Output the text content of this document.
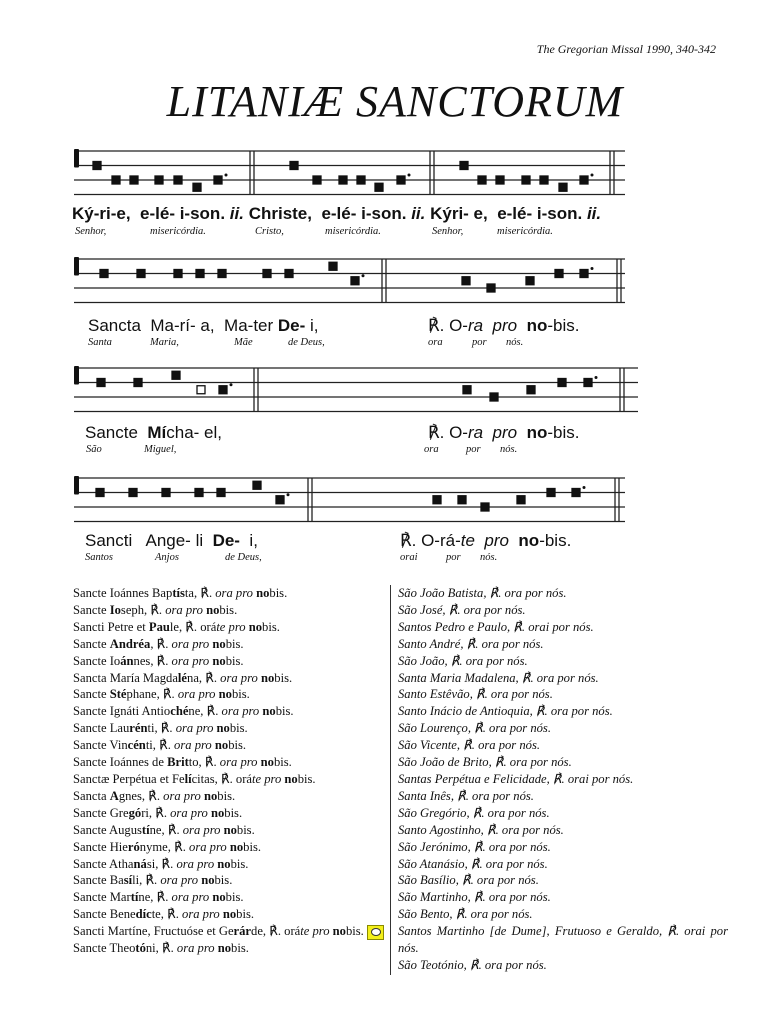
The Gregorian Missal 1990, 340-342
LITANIÆ SANCTORUM
Ký-ri-e, e-lé- i-son. ii. Christe, e-lé- i-son. ii. Kýri- e, e-lé- i-son. ii.
Senhor,	misericórdia.	Cristo,	misericórdia.	Senhor,	misericórdia.
Sancta  Ma-rí- a,  Ma-ter De- i,	℟. O-ra  pro no-bis.
Santa	Maria,	Mãe	de Deus,	ora	por nós.
Sancte  Mícha- el,	℟. O-ra  pro no-bis.
São	Miguel,	ora	por nós.
Sancti   Ange- li  De-  i,	℟. O-rá-te  pro no-bis.
Santos	Anjos	de Deus,	orai	por nós.
Sancte Ioánnes Baptísta, ℟. ora pro nobis.
Sancte Ioseph, ℟. ora pro nobis.
Sancti Petre et Paule, ℟. oráte pro nobis.
Sancte Andréa, ℟. ora pro nobis.
Sancte Ioánnes, ℟. ora pro nobis.
Sancta María Magdaléna, ℟. ora pro nobis.
Sancte Stéphane, ℟. ora pro nobis.
Sancte Ignáti Antiochéne, ℟. ora pro nobis.
Sancte Laurénti, ℟. ora pro nobis.
Sancte Vincénti, ℟. ora pro nobis.
Sancte Ioánnes de Britto, ℟. ora pro nobis.
Sanctæ Perpétua et Felícitas, ℟. oráte pro nobis.
Sancta Agnes, ℟. ora pro nobis.
Sancte Gregóri, ℟. ora pro nobis.
Sancte Augustíne, ℟. ora pro nobis.
Sancte Hierónyme, ℟. ora pro nobis.
Sancte Athanási, ℟. ora pro nobis.
Sancte Basíli, ℟. ora pro nobis.
Sancte Martíne, ℟. ora pro nobis.
Sancte Benedícte, ℟. ora pro nobis.
Sancti Martíne, Fructuóse et Gerárde, ℟. oráte pro nobis.
Sancte Theotóni, ℟. ora pro nobis.
São João Batista, ℟. ora por nós.
São José, ℟. ora por nós.
Santos Pedro e Paulo, ℟. orai por nós.
Santo André, ℟. ora por nós.
São João, ℟. ora por nós.
Santa Maria Madalena, ℟. ora por nós.
Santo Estêvão, ℟. ora por nós.
Santo Inácio de Antioquia, ℟. ora por nós.
São Lourenço, ℟. ora por nós.
São Vicente, ℟. ora por nós.
São João de Brito, ℟. ora por nós.
Santas Perpétua e Felicidade, ℟. orai por nós.
Santa Inês, ℟. ora por nós.
São Gregório, ℟. ora por nós.
Santo Agostinho, ℟. ora por nós.
São Jerónimo, ℟. ora por nós.
São Atanásio, ℟. ora por nós.
São Basílio, ℟. ora por nós.
São Martinho, ℟. ora por nós.
São Bento, ℟. ora por nós.
Santos Martinho [de Dume], Frutuoso e Geraldo, ℟. orai por nós.
São Teotónio, ℟. ora por nós.
